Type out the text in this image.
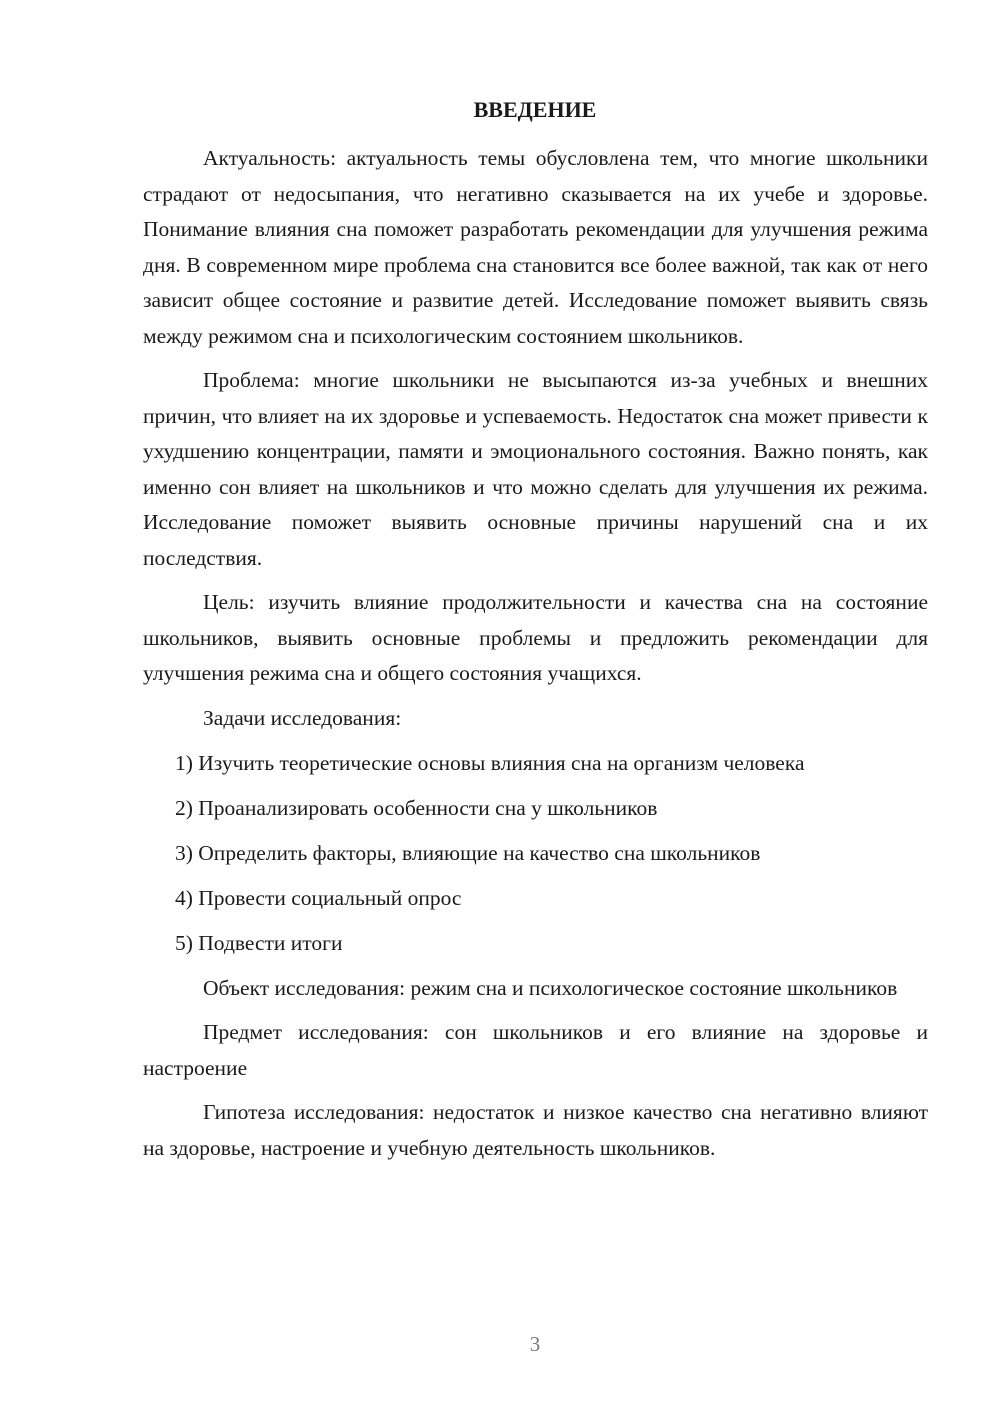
ВВЕДЕНИЕ

Актуальность: актуальность темы обусловлена тем, что многие школьники страдают от недосыпания, что негативно сказывается на их учебе и здоровье. Понимание влияния сна поможет разработать рекомендации для улучшения режима дня. В современном мире проблема сна становится все более важной, так как от него зависит общее состояние и развитие детей. Исследование поможет выявить связь между режимом сна и психологическим состоянием школьников.

Проблема: многие школьники не высыпаются из-за учебных и внешних причин, что влияет на их здоровье и успеваемость. Недостаток сна может привести к ухудшению концентрации, памяти и эмоционального состояния. Важно понять, как именно сон влияет на школьников и что можно сделать для улучшения их режима. Исследование поможет выявить основные причины нарушений сна и их последствия.

Цель: изучить влияние продолжительности и качества сна на состояние школьников, выявить основные проблемы и предложить рекомендации для улучшения режима сна и общего состояния учащихся.

Задачи исследования:

1) Изучить теоретические основы влияния сна на организм человека
2) Проанализировать особенности сна у школьников
3) Определить факторы, влияющие на качество сна школьников
4) Провести социальный опрос
5) Подвести итоги

Объект исследования: режим сна и психологическое состояние школьников

Предмет исследования: сон школьников и его влияние на здоровье и настроение

Гипотеза исследования: недостаток и низкое качество сна негативно влияют на здоровье, настроение и учебную деятельность школьников.

3
